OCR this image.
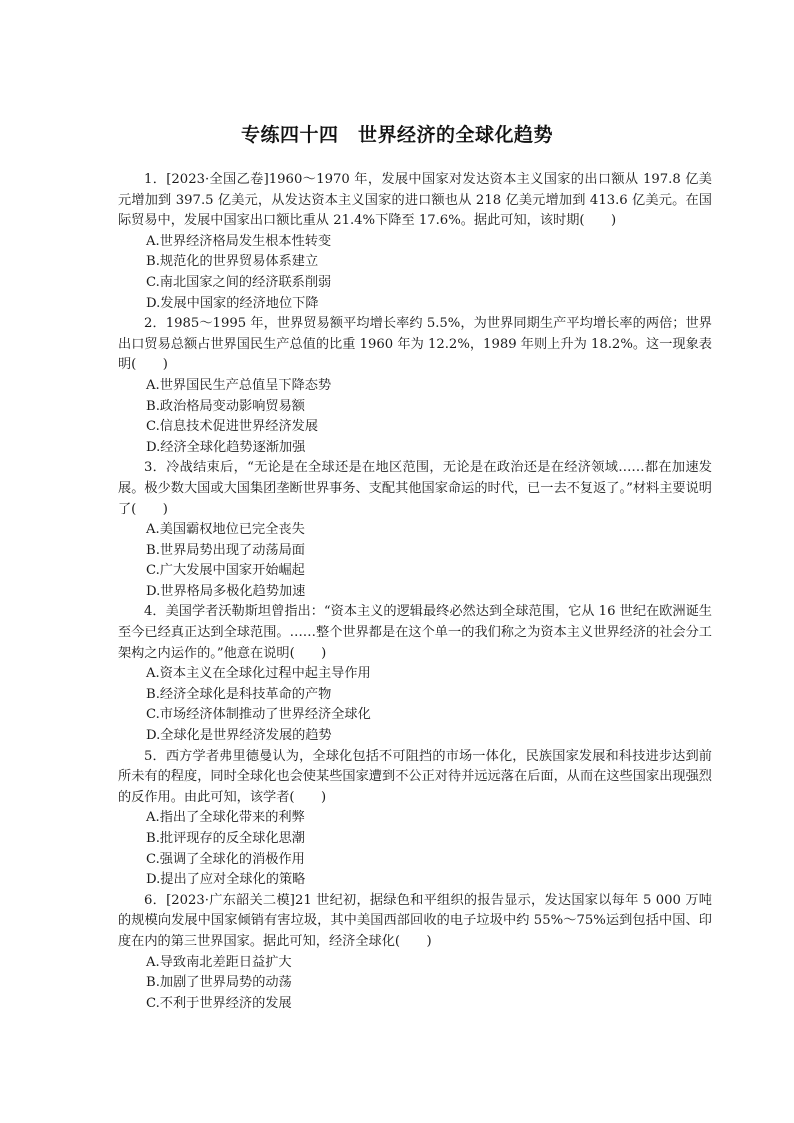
专练四十四　世界经济的全球化趋势

1．[2023·全国乙卷]1960～1970 年，发展中国家对发达资本主义国家的出口额从 197.8 亿美元增加到 397.5 亿美元，从发达资本主义国家的进口额也从 218 亿美元增加到 413.6 亿美元。在国际贸易中，发展中国家出口额比重从 21.4%下降至 17.6%。据此可知，该时期(　　)

A.世界经济格局发生根本性转变
B.规范化的世界贸易体系建立
C.南北国家之间的经济联系削弱
D.发展中国家的经济地位下降

2．1985～1995 年，世界贸易额平均增长率约 5.5%，为世界同期生产平均增长率的两倍；世界出口贸易总额占世界国民生产总值的比重 1960 年为 12.2%，1989 年则上升为 18.2%。这一现象表明(　　)

A.世界国民生产总值呈下降态势
B.政治格局变动影响贸易额
C.信息技术促进世界经济发展
D.经济全球化趋势逐渐加强

3．冷战结束后，“无论是在全球还是在地区范围，无论是在政治还是在经济领域……都在加速发展。极少数大国或大国集团垄断世界事务、支配其他国家命运的时代，已一去不复返了。”材料主要说明了(　　)

A.美国霸权地位已完全丧失
B.世界局势出现了动荡局面
C.广大发展中国家开始崛起
D.世界格局多极化趋势加速

4．美国学者沃勒斯坦曾指出：“资本主义的逻辑最终必然达到全球范围，它从 16 世纪在欧洲诞生至今已经真正达到全球范围。……整个世界都是在这个单一的我们称之为资本主义世界经济的社会分工架构之内运作的。”他意在说明(　　)

A.资本主义在全球化过程中起主导作用
B.经济全球化是科技革命的产物
C.市场经济体制推动了世界经济全球化
D.全球化是世界经济发展的趋势

5．西方学者弗里德曼认为，全球化包括不可阻挡的市场一体化，民族国家发展和科技进步达到前所未有的程度，同时全球化也会使某些国家遭到不公正对待并远远落在后面，从而在这些国家出现强烈的反作用。由此可知，该学者(　　)

A.指出了全球化带来的利弊
B.批评现存的反全球化思潮
C.强调了全球化的消极作用
D.提出了应对全球化的策略

6．[2023·广东韶关二模]21 世纪初，据绿色和平组织的报告显示，发达国家以每年 5 000 万吨的规模向发展中国家倾销有害垃圾，其中美国西部回收的电子垃圾中约 55%～75%运到包括中国、印度在内的第三世界国家。据此可知，经济全球化(　　)

A.导致南北差距日益扩大
B.加剧了世界局势的动荡
C.不利于世界经济的发展
